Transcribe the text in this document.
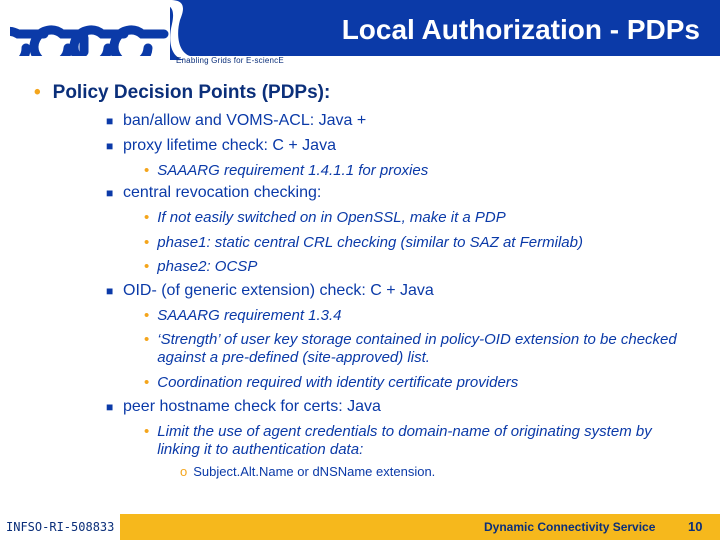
Enabling Grids for E-sciencE
Local Authorization - PDPs
• Policy Decision Points (PDPs):
■ ban/allow and VOMS-ACL: Java +
■ proxy lifetime check: C + Java
• SAAARG requirement 1.4.1.1 for proxies
■ central revocation checking:
• If not easily switched on in OpenSSL, make it a PDP
• phase1: static central CRL checking (similar to SAZ at Fermilab)
• phase2: OCSP
■ OID- (of generic extension) check: C + Java
• SAAARG requirement 1.3.4
• ‘Strength’ of user key storage contained in policy-OID extension to be checked against a pre-defined (site-approved) list.
• Coordination required with identity certificate providers
■ peer hostname check for certs: Java
• Limit the use of agent credentials to domain-name of originating system by linking it to authentication data:
o Subject.Alt.Name or dNSName extension.
INFSO-RI-508833	Dynamic Connectivity Service	10
